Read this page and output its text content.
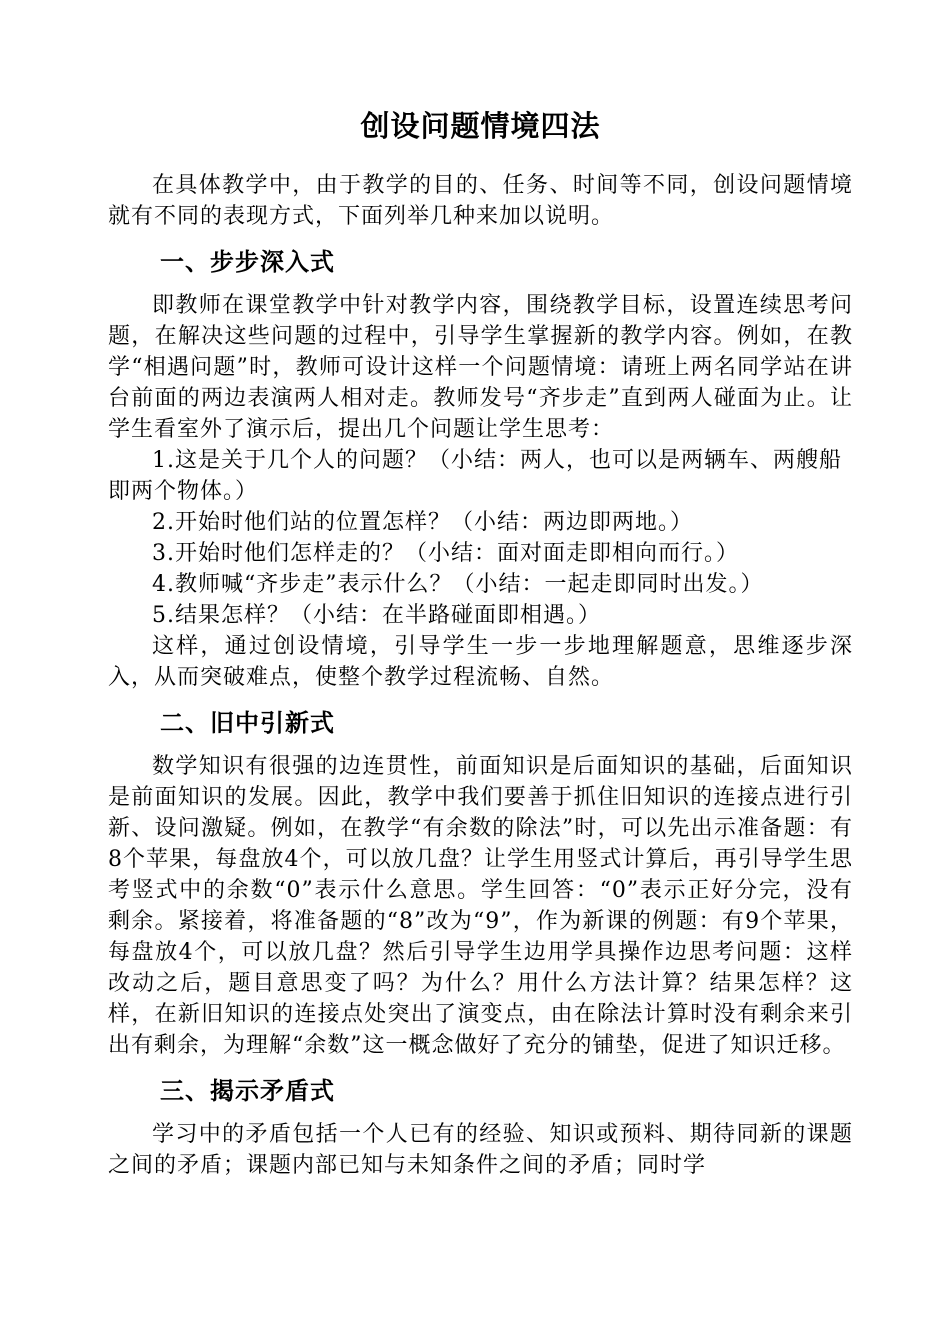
创设问题情境四法

在具体教学中，由于教学的目的、任务、时间等不同，创设问题情境就有不同的表现方式，下面列举几种来加以说明。

一、步步深入式

即教师在课堂教学中针对教学内容，围绕教学目标，设置连续思考问题，在解决这些问题的过程中，引导学生掌握新的教学内容。例如，在教学“相遇问题”时，教师可设计这样一个问题情境：请班上两名同学站在讲台前面的两边表演两人相对走。教师发号“齐步走”直到两人碰面为止。让学生看室外了演示后，提出几个问题让学生思考：

1.这是关于几个人的问题？（小结：两人，也可以是两辆车、两艘船即两个物体。）

2.开始时他们站的位置怎样？（小结：两边即两地。）

3.开始时他们怎样走的？（小结：面对面走即相向而行。）

4.教师喊“齐步走”表示什么？（小结：一起走即同时出发。）

5.结果怎样？（小结：在半路碰面即相遇。）

这样，通过创设情境，引导学生一步一步地理解题意，思维逐步深入，从而突破难点，使整个教学过程流畅、自然。

二、旧中引新式

数学知识有很强的边连贯性，前面知识是后面知识的基础，后面知识是前面知识的发展。因此，教学中我们要善于抓住旧知识的连接点进行引新、设问激疑。例如，在教学“有余数的除法”时，可以先出示准备题：有8个苹果，每盘放4个，可以放几盘？让学生用竖式计算后，再引导学生思考竖式中的余数“0”表示什么意思。学生回答：“0”表示正好分完，没有剩余。紧接着，将准备题的“8”改为“9”，作为新课的例题：有9个苹果，每盘放4个，可以放几盘？然后引导学生边用学具操作边思考问题：这样改动之后，题目意思变了吗？为什么？用什么方法计算？结果怎样？这样，在新旧知识的连接点处突出了演变点，由在除法计算时没有剩余来引出有剩余，为理解“余数”这一概念做好了充分的铺垫，促进了知识迁移。

三、揭示矛盾式

学习中的矛盾包括一个人已有的经验、知识或预料、期待同新的课题之间的矛盾；课题内部已知与未知条件之间的矛盾；同时学
